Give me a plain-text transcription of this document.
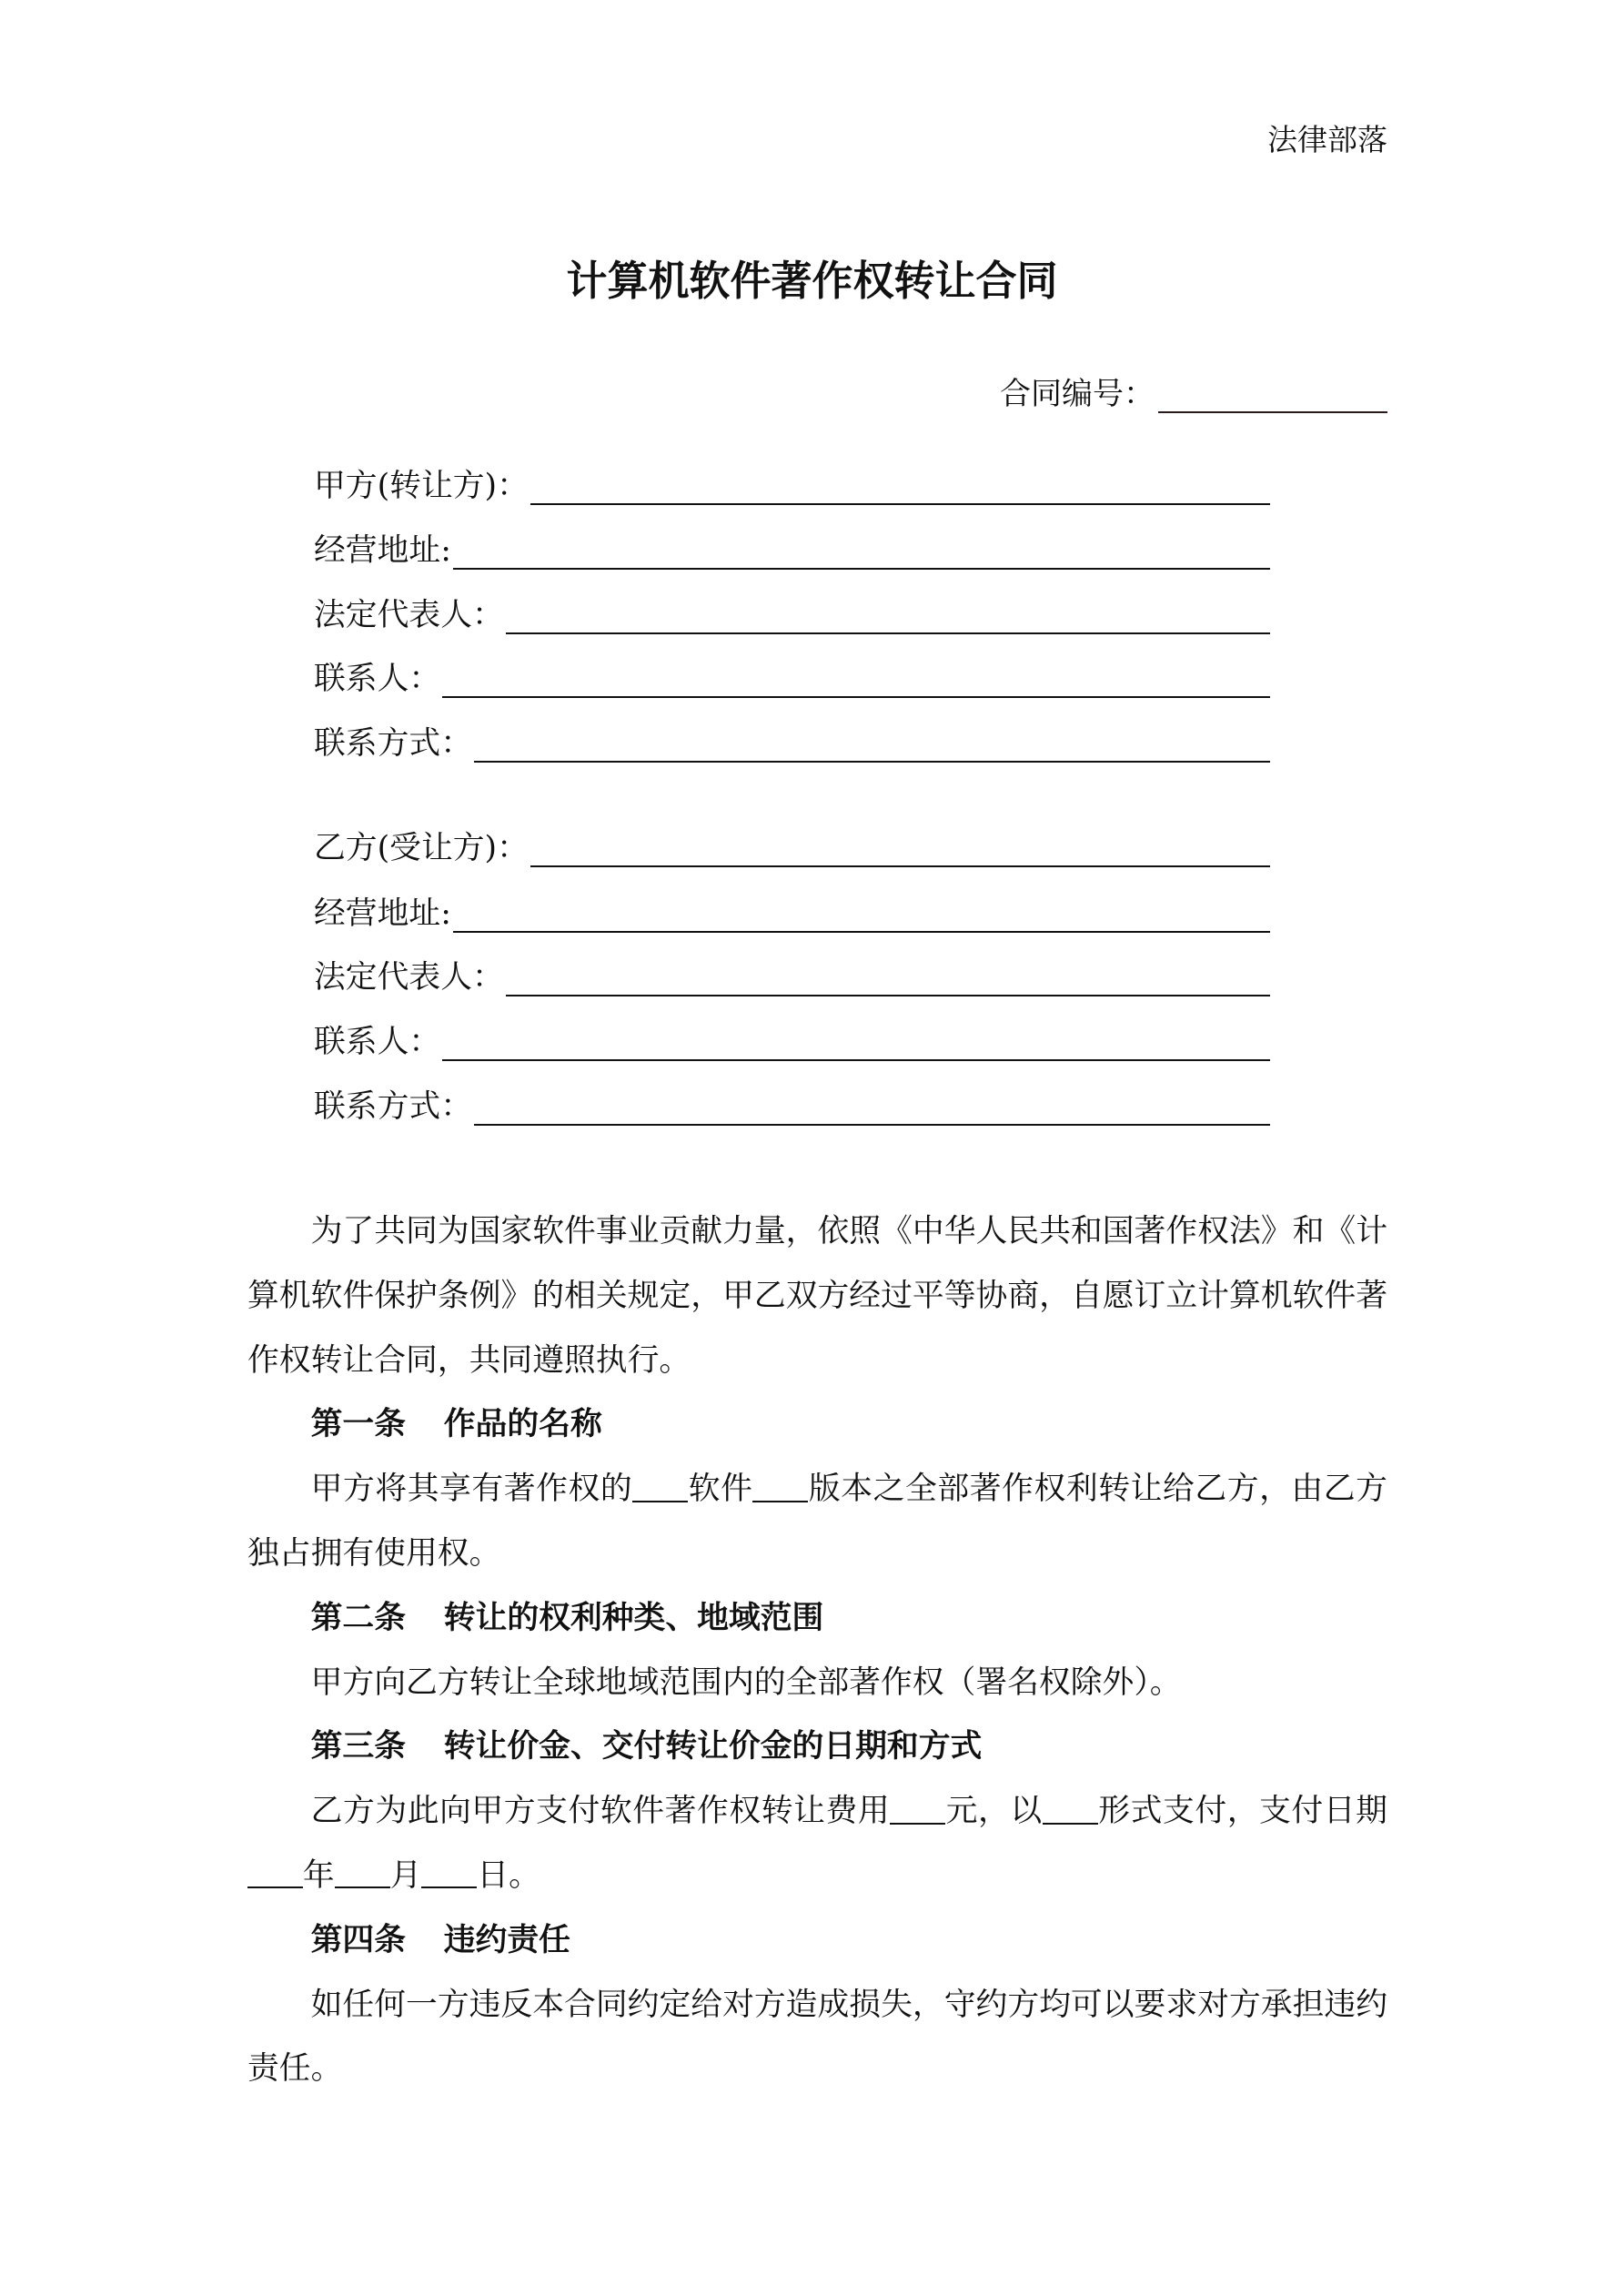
法律部落
计算机软件著作权转让合同
合同编号：
甲方(转让方)：
经营地址:
法定代表人：
联系人：
联系方式：
乙方(受让方)：
经营地址:
法定代表人：
联系人：
联系方式：

为了共同为国家软件事业贡献力量，依照《中华人民共和国著作权法》和《计算机软件保护条例》的相关规定，甲乙双方经过平等协商，自愿订立计算机软件著作权转让合同，共同遵照执行。

第一条 作品的名称

甲方将其享有著作权的 软件 版本之全部著作权利转让给乙方，由乙方独占拥有使用权。

第二条 转让的权利种类、地域范围

甲方向乙方转让全球地域范围内的全部著作权（署名权除外）。

第三条 转让价金、交付转让价金的日期和方式

乙方为此向甲方支付软件著作权转让费用 元，以 形式支付，支付日期年 月 日。

第四条 违约责任

如任何一方违反本合同约定给对方造成损失，守约方均可以要求对方承担违约责任。
